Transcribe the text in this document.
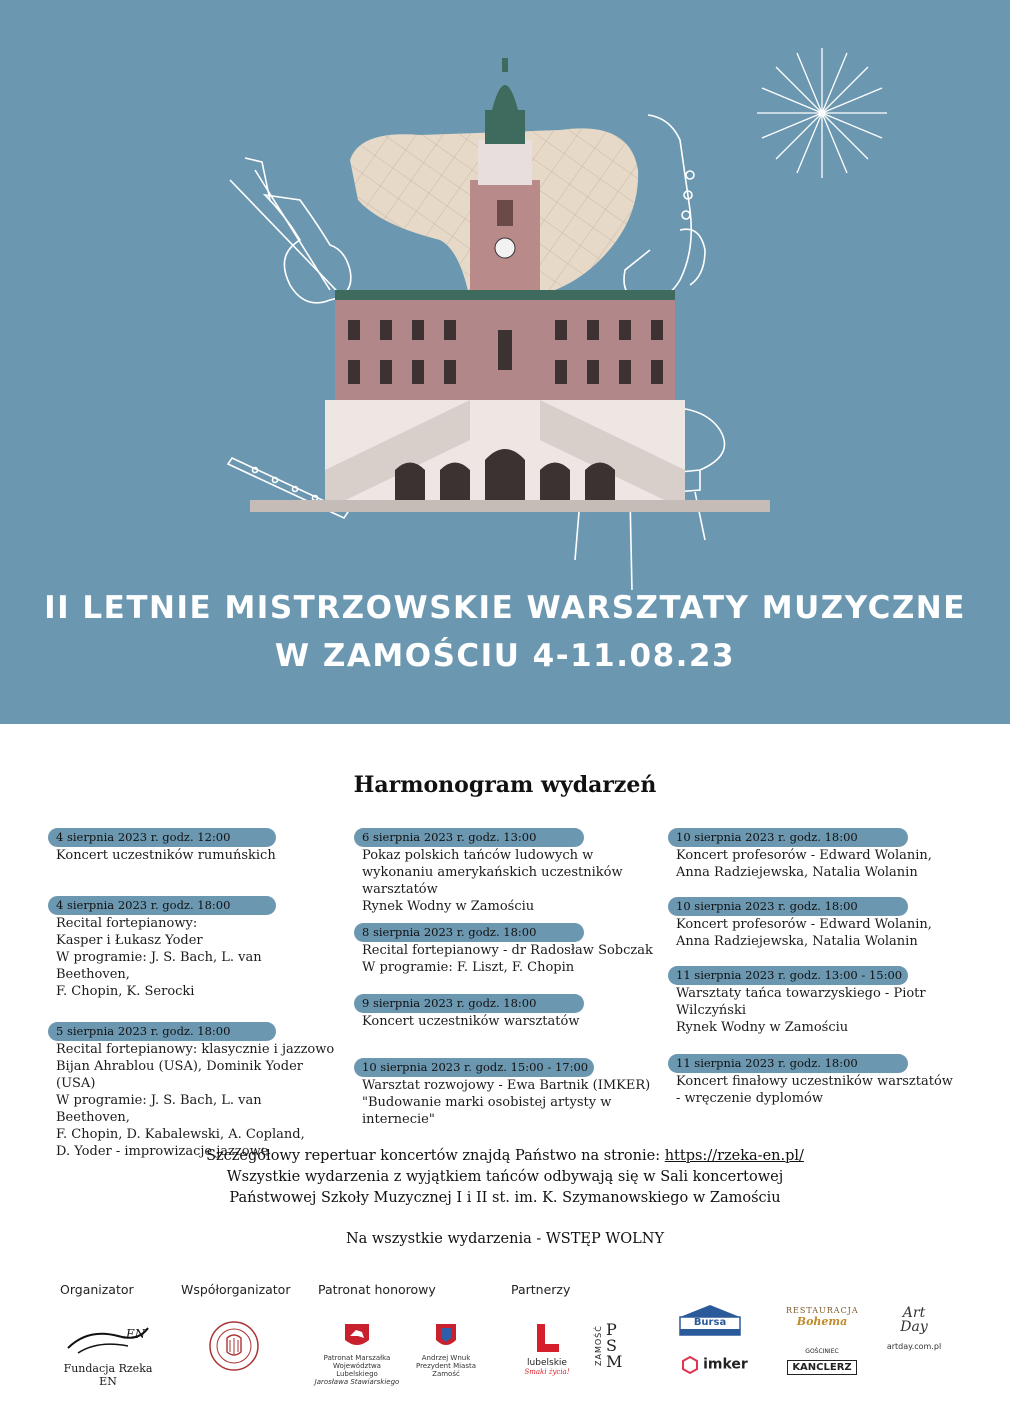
II LETNIE MISTRZOWSKIE WARSZTATY MUZYCZNE
W ZAMOŚCIU 4-11.08.23
Harmonogram wydarzeń
4 sierpnia 2023 r. godz. 12:00
Koncert uczestników rumuńskich
4 sierpnia 2023 r. godz. 18:00
Recital fortepianowy:
Kasper i Łukasz Yoder
W programie: J. S. Bach, L. van Beethoven,
F. Chopin, K. Serocki
5 sierpnia 2023 r. godz. 18:00
Recital fortepianowy: klasycznie i jazzowo
Bijan Ahrablou (USA), Dominik Yoder (USA)
W programie: J. S. Bach, L. van Beethoven,
F. Chopin, D. Kabalewski, A. Copland,
D. Yoder - improwizacje jazzowe
6 sierpnia 2023 r. godz. 13:00
Pokaz polskich tańców ludowych w
wykonaniu amerykańskich uczestników
warsztatów
Rynek Wodny w Zamościu
8 sierpnia 2023 r. godz. 18:00
Recital fortepianowy - dr Radosław Sobczak
W programie: F. Liszt, F. Chopin
9 sierpnia 2023 r. godz. 18:00
Koncert uczestników warsztatów
10 sierpnia 2023 r. godz. 15:00 - 17:00
Warsztat rozwojowy - Ewa Bartnik (IMKER)
"Budowanie marki osobistej artysty w
internecie"
10 sierpnia 2023 r. godz. 18:00
Koncert profesorów - Edward Wolanin,
Anna Radziejewska, Natalia Wolanin
10 sierpnia 2023 r. godz. 18:00
Koncert profesorów - Edward Wolanin,
Anna Radziejewska, Natalia Wolanin
11 sierpnia 2023 r. godz. 13:00 - 15:00
Warsztaty tańca towarzyskiego - Piotr
Wilczyński
Rynek Wodny w Zamościu
11 sierpnia 2023 r. godz. 18:00
Koncert finałowy uczestników warsztatów
- wręczenie dyplomów
Szczegółowy repertuar koncertów znajdą Państwo na stronie: https://rzeka-en.pl/
Wszystkie wydarzenia z wyjątkiem tańców odbywają się w Sali koncertowej
Państwowej Szkoły Muzycznej I i II st. im. K. Szymanowskiego w Zamościu
Na wszystkie wydarzenia - WSTĘP WOLNY
Organizator	Współorganizator Patronat honorowy	Partnerzy
EN
Fundacja Rzeka EN
Patronat Marszałka
Województwa Lubelskiego
Jarosława Stawiarskiego
Andrzej Wnuk
Prezydent Miasta
Zamość
lubelskie
Smaki życia!
ZAMOŚĆ PSM
Bursa
imker
RESTAURACJA
Bohema
GOŚCINIEC
KANCLERZ
Art Day
artday.com.pl
